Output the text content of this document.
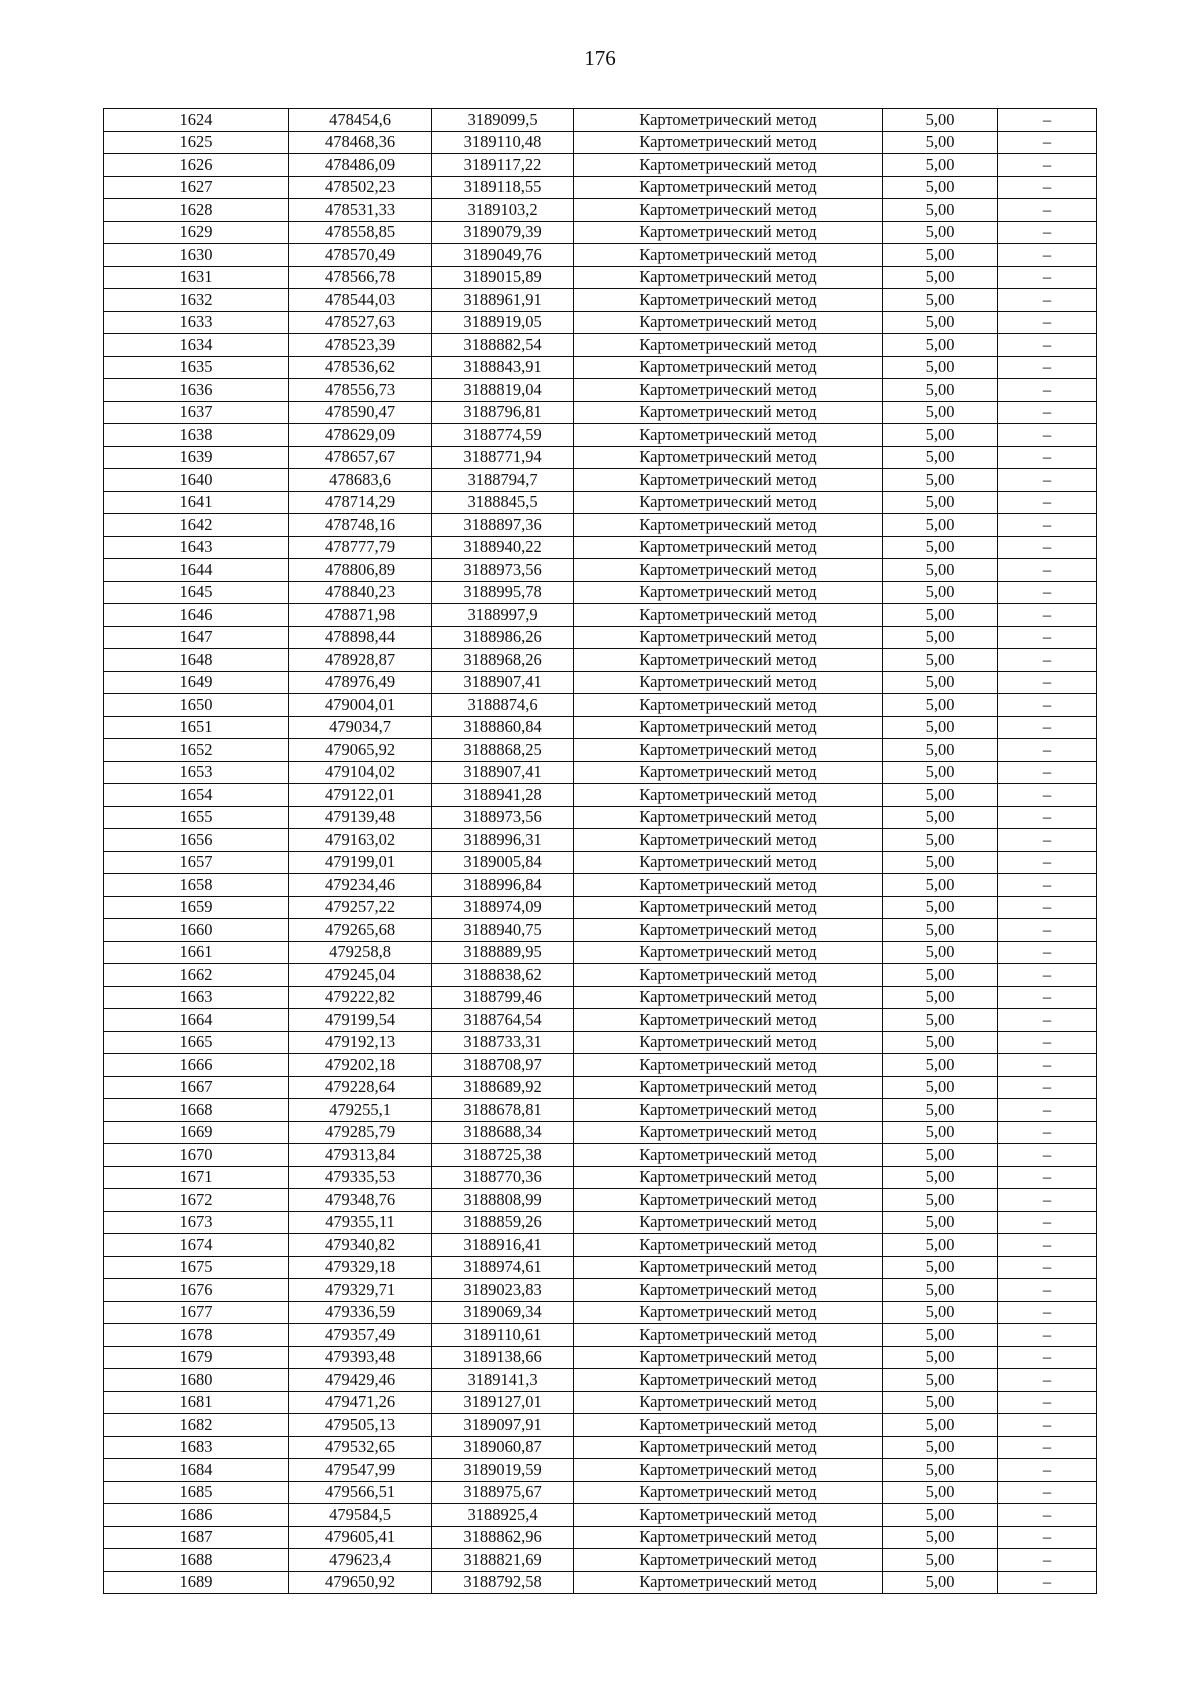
176
1624	478454,6	3189099,5	Картометрический метод	5,00	–
1625	478468,36	3189110,48	Картометрический метод	5,00	–
1626	478486,09	3189117,22	Картометрический метод	5,00	–
1627	478502,23	3189118,55	Картометрический метод	5,00	–
1628	478531,33	3189103,2	Картометрический метод	5,00	–
1629	478558,85	3189079,39	Картометрический метод	5,00	–
1630	478570,49	3189049,76	Картометрический метод	5,00	–
1631	478566,78	3189015,89	Картометрический метод	5,00	–
1632	478544,03	3188961,91	Картометрический метод	5,00	–
1633	478527,63	3188919,05	Картометрический метод	5,00	–
1634	478523,39	3188882,54	Картометрический метод	5,00	–
1635	478536,62	3188843,91	Картометрический метод	5,00	–
1636	478556,73	3188819,04	Картометрический метод	5,00	–
1637	478590,47	3188796,81	Картометрический метод	5,00	–
1638	478629,09	3188774,59	Картометрический метод	5,00	–
1639	478657,67	3188771,94	Картометрический метод	5,00	–
1640	478683,6	3188794,7	Картометрический метод	5,00	–
1641	478714,29	3188845,5	Картометрический метод	5,00	–
1642	478748,16	3188897,36	Картометрический метод	5,00	–
1643	478777,79	3188940,22	Картометрический метод	5,00	–
1644	478806,89	3188973,56	Картометрический метод	5,00	–
1645	478840,23	3188995,78	Картометрический метод	5,00	–
1646	478871,98	3188997,9	Картометрический метод	5,00	–
1647	478898,44	3188986,26	Картометрический метод	5,00	–
1648	478928,87	3188968,26	Картометрический метод	5,00	–
1649	478976,49	3188907,41	Картометрический метод	5,00	–
1650	479004,01	3188874,6	Картометрический метод	5,00	–
1651	479034,7	3188860,84	Картометрический метод	5,00	–
1652	479065,92	3188868,25	Картометрический метод	5,00	–
1653	479104,02	3188907,41	Картометрический метод	5,00	–
1654	479122,01	3188941,28	Картометрический метод	5,00	–
1655	479139,48	3188973,56	Картометрический метод	5,00	–
1656	479163,02	3188996,31	Картометрический метод	5,00	–
1657	479199,01	3189005,84	Картометрический метод	5,00	–
1658	479234,46	3188996,84	Картометрический метод	5,00	–
1659	479257,22	3188974,09	Картометрический метод	5,00	–
1660	479265,68	3188940,75	Картометрический метод	5,00	–
1661	479258,8	3188889,95	Картометрический метод	5,00	–
1662	479245,04	3188838,62	Картометрический метод	5,00	–
1663	479222,82	3188799,46	Картометрический метод	5,00	–
1664	479199,54	3188764,54	Картометрический метод	5,00	–
1665	479192,13	3188733,31	Картометрический метод	5,00	–
1666	479202,18	3188708,97	Картометрический метод	5,00	–
1667	479228,64	3188689,92	Картометрический метод	5,00	–
1668	479255,1	3188678,81	Картометрический метод	5,00	–
1669	479285,79	3188688,34	Картометрический метод	5,00	–
1670	479313,84	3188725,38	Картометрический метод	5,00	–
1671	479335,53	3188770,36	Картометрический метод	5,00	–
1672	479348,76	3188808,99	Картометрический метод	5,00	–
1673	479355,11	3188859,26	Картометрический метод	5,00	–
1674	479340,82	3188916,41	Картометрический метод	5,00	–
1675	479329,18	3188974,61	Картометрический метод	5,00	–
1676	479329,71	3189023,83	Картометрический метод	5,00	–
1677	479336,59	3189069,34	Картометрический метод	5,00	–
1678	479357,49	3189110,61	Картометрический метод	5,00	–
1679	479393,48	3189138,66	Картометрический метод	5,00	–
1680	479429,46	3189141,3	Картометрический метод	5,00	–
1681	479471,26	3189127,01	Картометрический метод	5,00	–
1682	479505,13	3189097,91	Картометрический метод	5,00	–
1683	479532,65	3189060,87	Картометрический метод	5,00	–
1684	479547,99	3189019,59	Картометрический метод	5,00	–
1685	479566,51	3188975,67	Картометрический метод	5,00	–
1686	479584,5	3188925,4	Картометрический метод	5,00	–
1687	479605,41	3188862,96	Картометрический метод	5,00	–
1688	479623,4	3188821,69	Картометрический метод	5,00	–
1689	479650,92	3188792,58	Картометрический метод	5,00	–
